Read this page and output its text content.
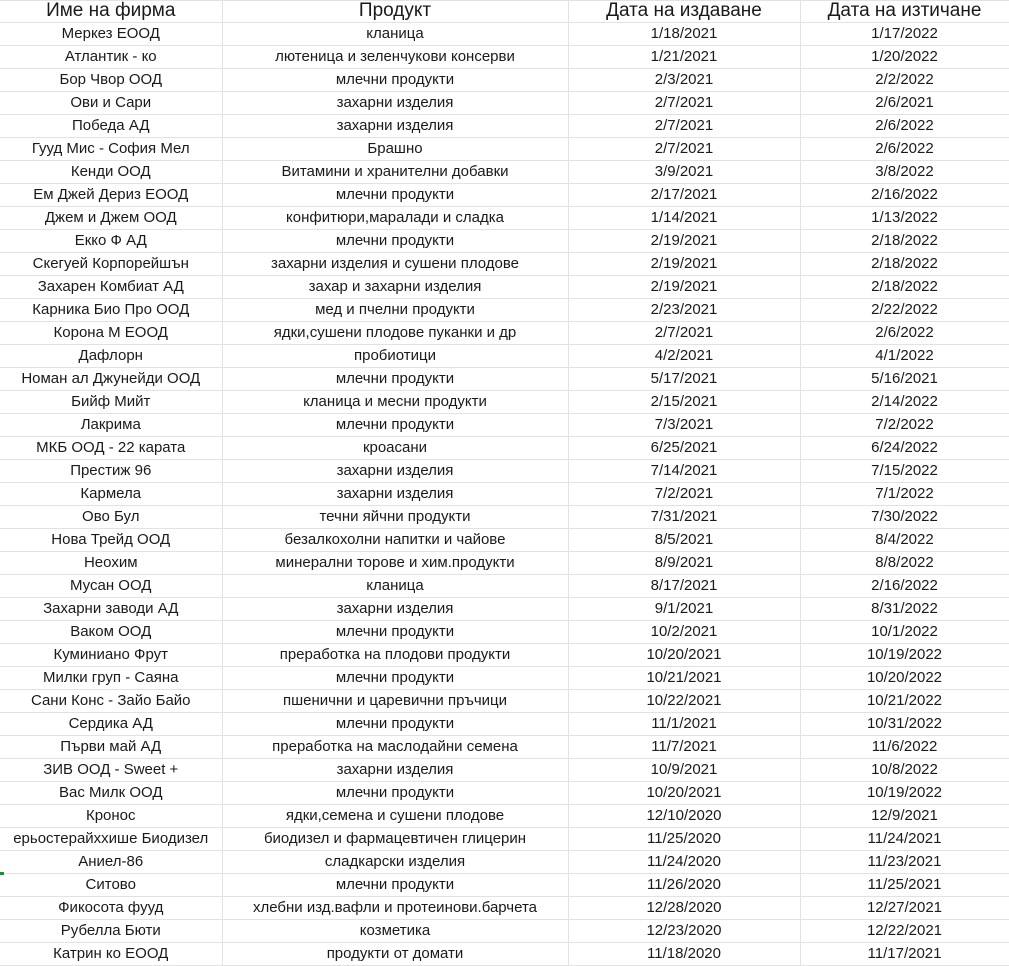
Име на фирма	Продукт	Дата на издаване	Дата на изтичане
Меркез ЕООД	кланица	1/18/2021	1/17/2022
Атлантик - ко	лютеница и зеленчукови консерви	1/21/2021	1/20/2022
Бор Чвор ООД	млечни продукти	2/3/2021	2/2/2022
Ови и Сари	захарни изделия	2/7/2021	2/6/2021
Победа АД	захарни изделия	2/7/2021	2/6/2022
Гууд Мис - София Мел	Брашно	2/7/2021	2/6/2022
Кенди ООД	Витамини и хранителни добавки	3/9/2021	3/8/2022
Ем Джей Дериз ЕООД	млечни продукти	2/17/2021	2/16/2022
Джем и Джем ООД	конфитюри,маралади и сладка	1/14/2021	1/13/2022
Екко Ф АД	млечни продукти	2/19/2021	2/18/2022
Скегуей Корпорейшън	захарни изделия и сушени плодове	2/19/2021	2/18/2022
Захарен Комбиат АД	захар и захарни изделия	2/19/2021	2/18/2022
Карника Био Про ООД	мед и пчелни продукти	2/23/2021	2/22/2022
Корона М ЕООД	ядки,сушени плодове пуканки и др	2/7/2021	2/6/2022
Дафлорн	пробиотици	4/2/2021	4/1/2022
Нoман ал Джунейди ООД	млечни продукти	5/17/2021	5/16/2021
Бийф Мийт	кланица и месни продукти	2/15/2021	2/14/2022
Лакрима	млечни продукти	7/3/2021	7/2/2022
МКБ ООД - 22 карата	кроасани	6/25/2021	6/24/2022
Престиж 96	захарни изделия	7/14/2021	7/15/2022
Кармела	захарни изделия	7/2/2021	7/1/2022
Ово Бул	течни яйчни продукти	7/31/2021	7/30/2022
Нова Трейд ООД	безалкохолни напитки и чайове	8/5/2021	8/4/2022
Неохим	минерални торове и хим.продукти	8/9/2021	8/8/2022
Мусан ООД	кланица	8/17/2021	2/16/2022
Захарни заводи АД	захарни изделия	9/1/2021	8/31/2022
Ваком ООД	млечни продукти	10/2/2021	10/1/2022
Куминиано Фрут	преработка на плодови продукти	10/20/2021	10/19/2022
Милки груп - Саяна	млечни продукти	10/21/2021	10/20/2022
Сани Конс - Зайо Байо	пшенични и царевични пръчици	10/22/2021	10/21/2022
Сердика АД	млечни продукти	11/1/2021	10/31/2022
Първи май АД	преработка на маслодайни семена	11/7/2021	11/6/2022
ЗИВ ООД - Sweet +	захарни изделия	10/9/2021	10/8/2022
Вас Милк ООД	млечни продукти	10/20/2021	10/19/2022
Кронос	ядки,семена и сушени плодове	12/10/2020	12/9/2021
ерьостерайххише Биодизел	биодизел и фармацевтичен глицерин	11/25/2020	11/24/2021
Аниел-86	сладкарски изделия	11/24/2020	11/23/2021
Ситово	млечни продукти	11/26/2020	11/25/2021
Фикосота фууд	хлебни изд.вафли и протеинови.барчета	12/28/2020	12/27/2021
Рубелла Бюти	козметика	12/23/2020	12/22/2021
Катрин ко ЕООД	продукти от домати	11/18/2020	11/17/2021
